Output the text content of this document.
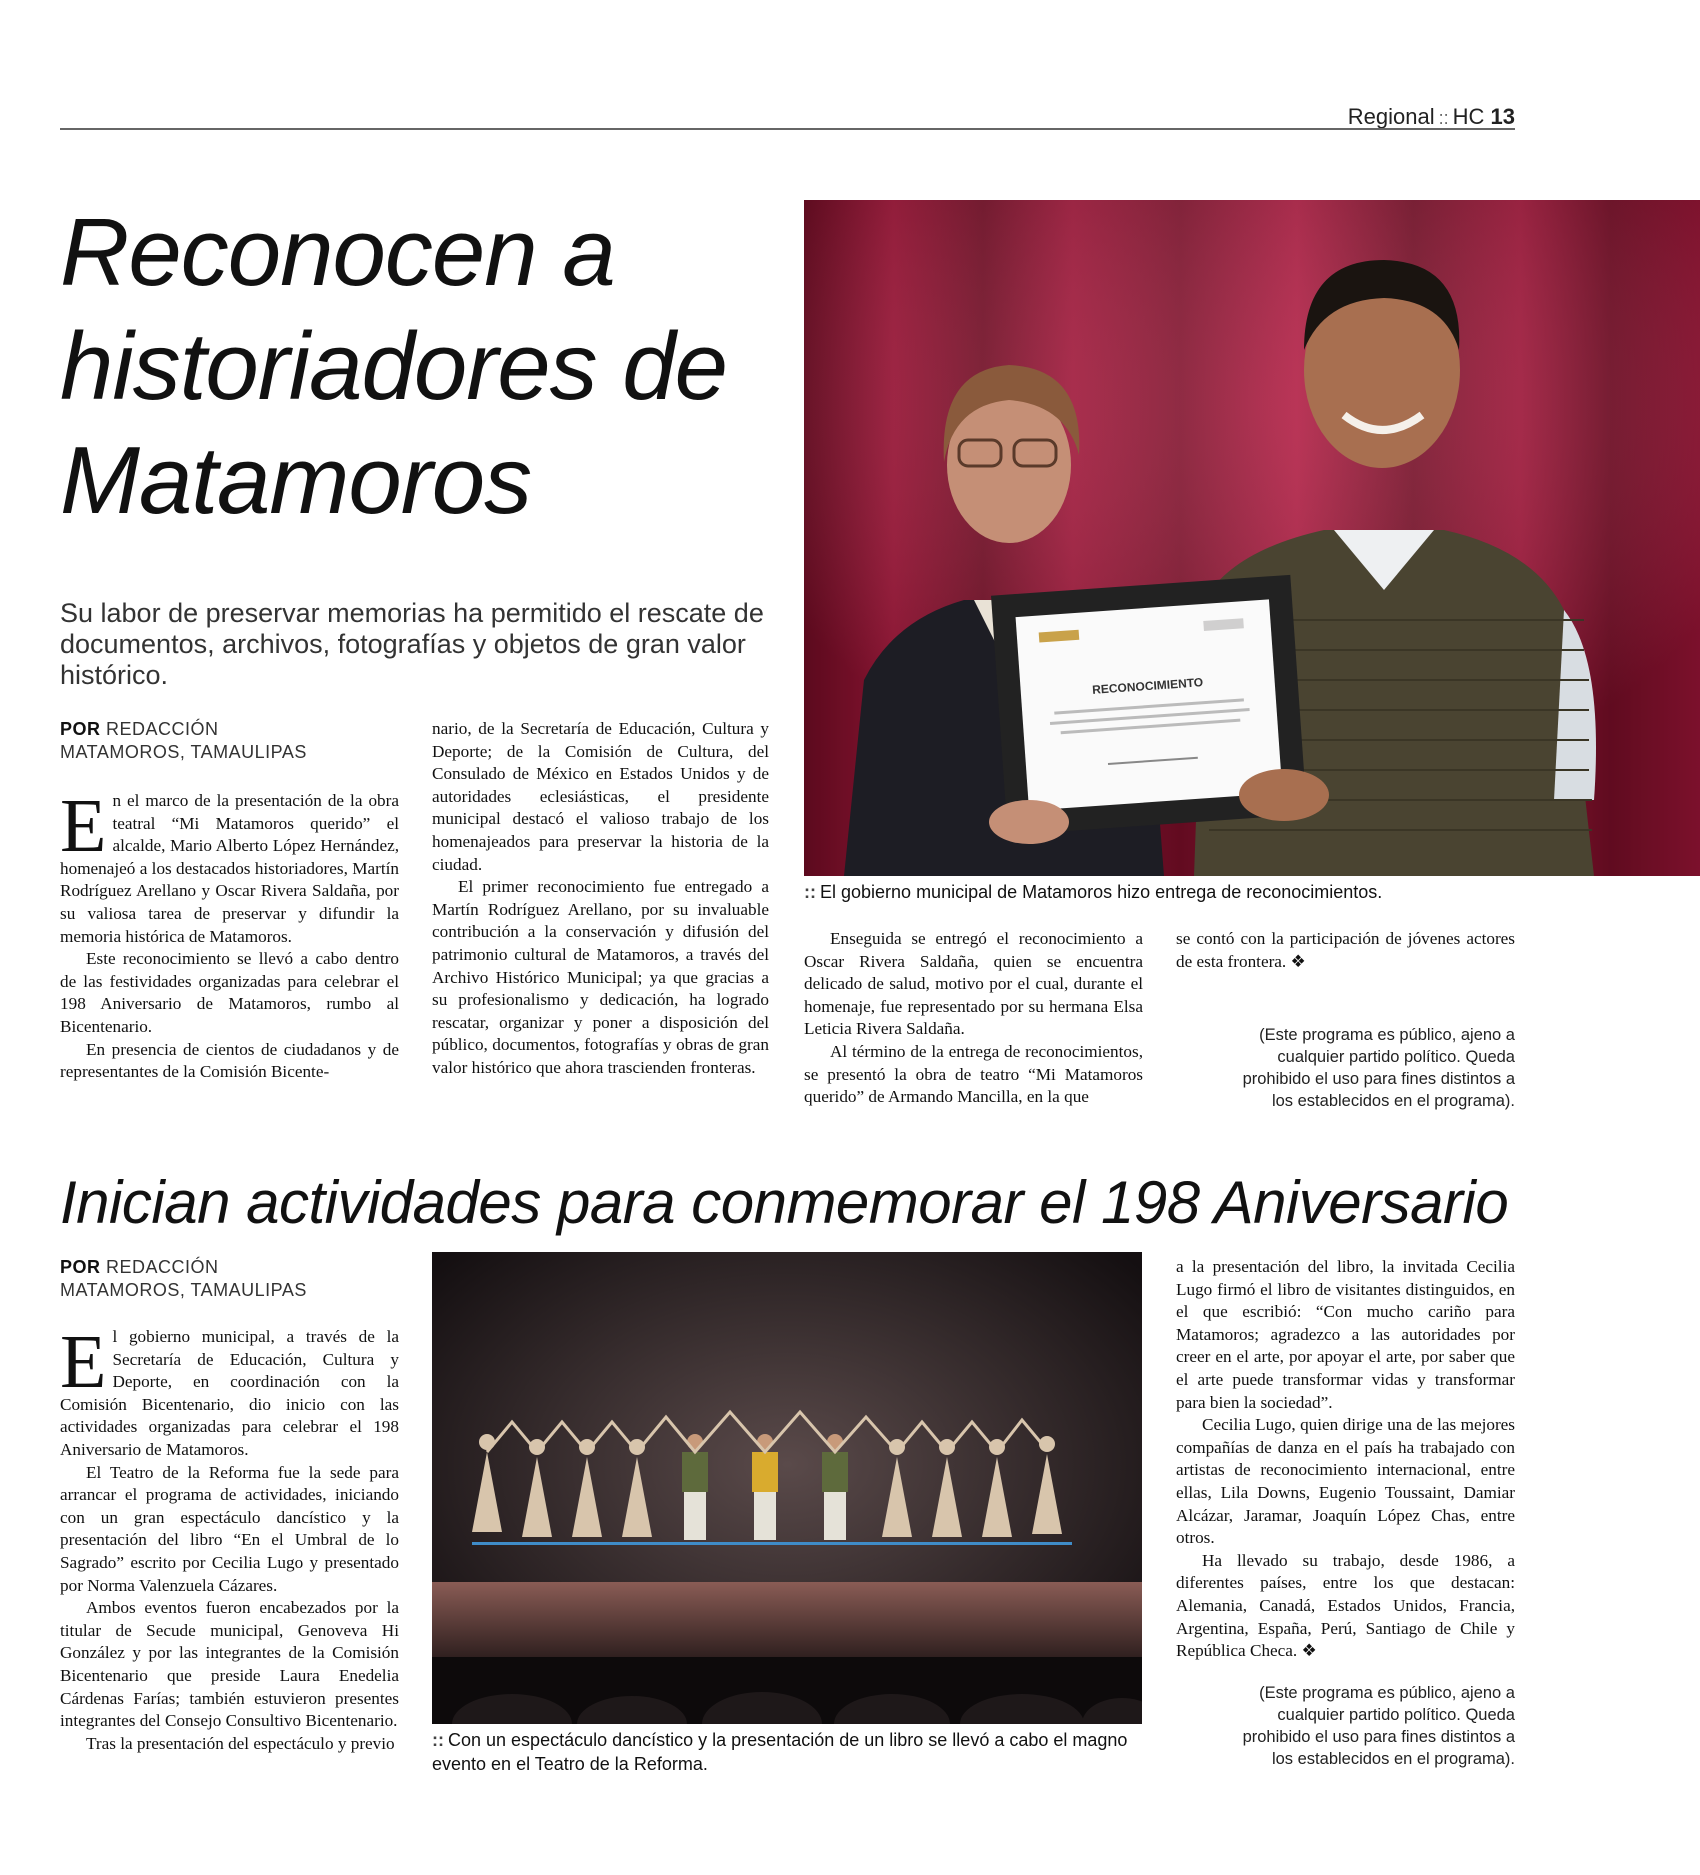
Regional :: HC 13
Reconocen a historiadores de Matamoros
Su labor de preservar memorias ha permitido el rescate de documentos, archivos, fotografías y objetos de gran valor histórico.
POR REDACCIÓN
MATAMOROS, TAMAULIPAS

En el marco de la presentación de la obra teatral “Mi Matamoros querido” el alcalde, Mario Alberto López Hernández, homenajeó a los destacados historiadores, Martín Rodríguez Arellano y Oscar Rivera Saldaña, por su valiosa tarea de preservar y difundir la memoria histórica de Matamoros.

Este reconocimiento se llevó a cabo dentro de las festividades organizadas para celebrar el 198 Aniversario de Matamoros, rumbo al Bicentenario.

En presencia de cientos de ciudadanos y de representantes de la Comisión Bicente-

nario, de la Secretaría de Educación, Cultura y Deporte; de la Comisión de Cultura, del Consulado de México en Estados Unidos y de autoridades eclesiásticas, el presidente municipal destacó el valioso trabajo de los homenajeados para preservar la historia de la ciudad.

El primer reconocimiento fue entregado a Martín Rodríguez Arellano, por su invaluable contribución a la conservación y difusión del patrimonio cultural de Matamoros, a través del Archivo Histórico Municipal; ya que gracias a su profesionalismo y dedicación, ha logrado rescatar, organizar y poner a disposición del público, documentos, fotografías y obras de gran valor histórico que ahora trascienden fronteras.

RECONOCIMIENTO
:: El gobierno municipal de Matamoros hizo entrega de reconocimientos.

Enseguida se entregó el reconocimiento a Oscar Rivera Saldaña, quien se encuentra delicado de salud, motivo por el cual, durante el homenaje, fue representado por su hermana Elsa Leticia Rivera Saldaña.

Al término de la entrega de reconocimientos, se presentó la obra de teatro “Mi Matamoros querido” de Armando Mancilla, en la que

se contó con la participación de jóvenes actores de esta frontera. ❖

(Este programa es público, ajeno a cualquier partido político. Queda prohibido el uso para fines distintos a los establecidos en el programa).
Inician actividades para conmemorar el 198 Aniversario
POR REDACCIÓN
MATAMOROS, TAMAULIPAS

El gobierno municipal, a través de la Secretaría de Educación, Cultura y Deporte, en coordinación con la Comisión Bicentenario, dio inicio con las actividades organizadas para celebrar el 198 Aniversario de Matamoros.

El Teatro de la Reforma fue la sede para arrancar el programa de actividades, iniciando con un gran espectáculo dancístico y la presentación del libro “En el Umbral de lo Sagrado” escrito por Cecilia Lugo y presentado por Norma Valenzuela Cázares.

Ambos eventos fueron encabezados por la titular de Secude municipal, Genoveva Hi González y por las integrantes de la Comisión Bicentenario que preside Laura Enedelia Cárdenas Farías; también estuvieron presentes integrantes del Consejo Consultivo Bicentenario.

Tras la presentación del espectáculo y previo :: Con un espectáculo dancístico y la presentación de un libro se llevó a cabo el magno evento en el Teatro de la Reforma.

a la presentación del libro, la invitada Cecilia Lugo firmó el libro de visitantes distinguidos, en el que escribió: “Con mucho cariño para Matamoros; agradezco a las autoridades por creer en el arte, por apoyar el arte, por saber que el arte puede transformar vidas y transformar para bien la sociedad”.

Cecilia Lugo, quien dirige una de las mejores compañías de danza en el país ha trabajado con artistas de reconocimiento internacional, entre ellas, Lila Downs, Eugenio Toussaint, Damiar Alcázar, Jaramar, Joaquín López Chas, entre otros.

Ha llevado su trabajo, desde 1986, a diferentes países, entre los que destacan: Alemania, Canadá, Estados Unidos, Francia, Argentina, España, Perú, Santiago de Chile y República Checa. ❖

(Este programa es público, ajeno a cualquier partido político. Queda prohibido el uso para fines distintos a los establecidos en el programa).
